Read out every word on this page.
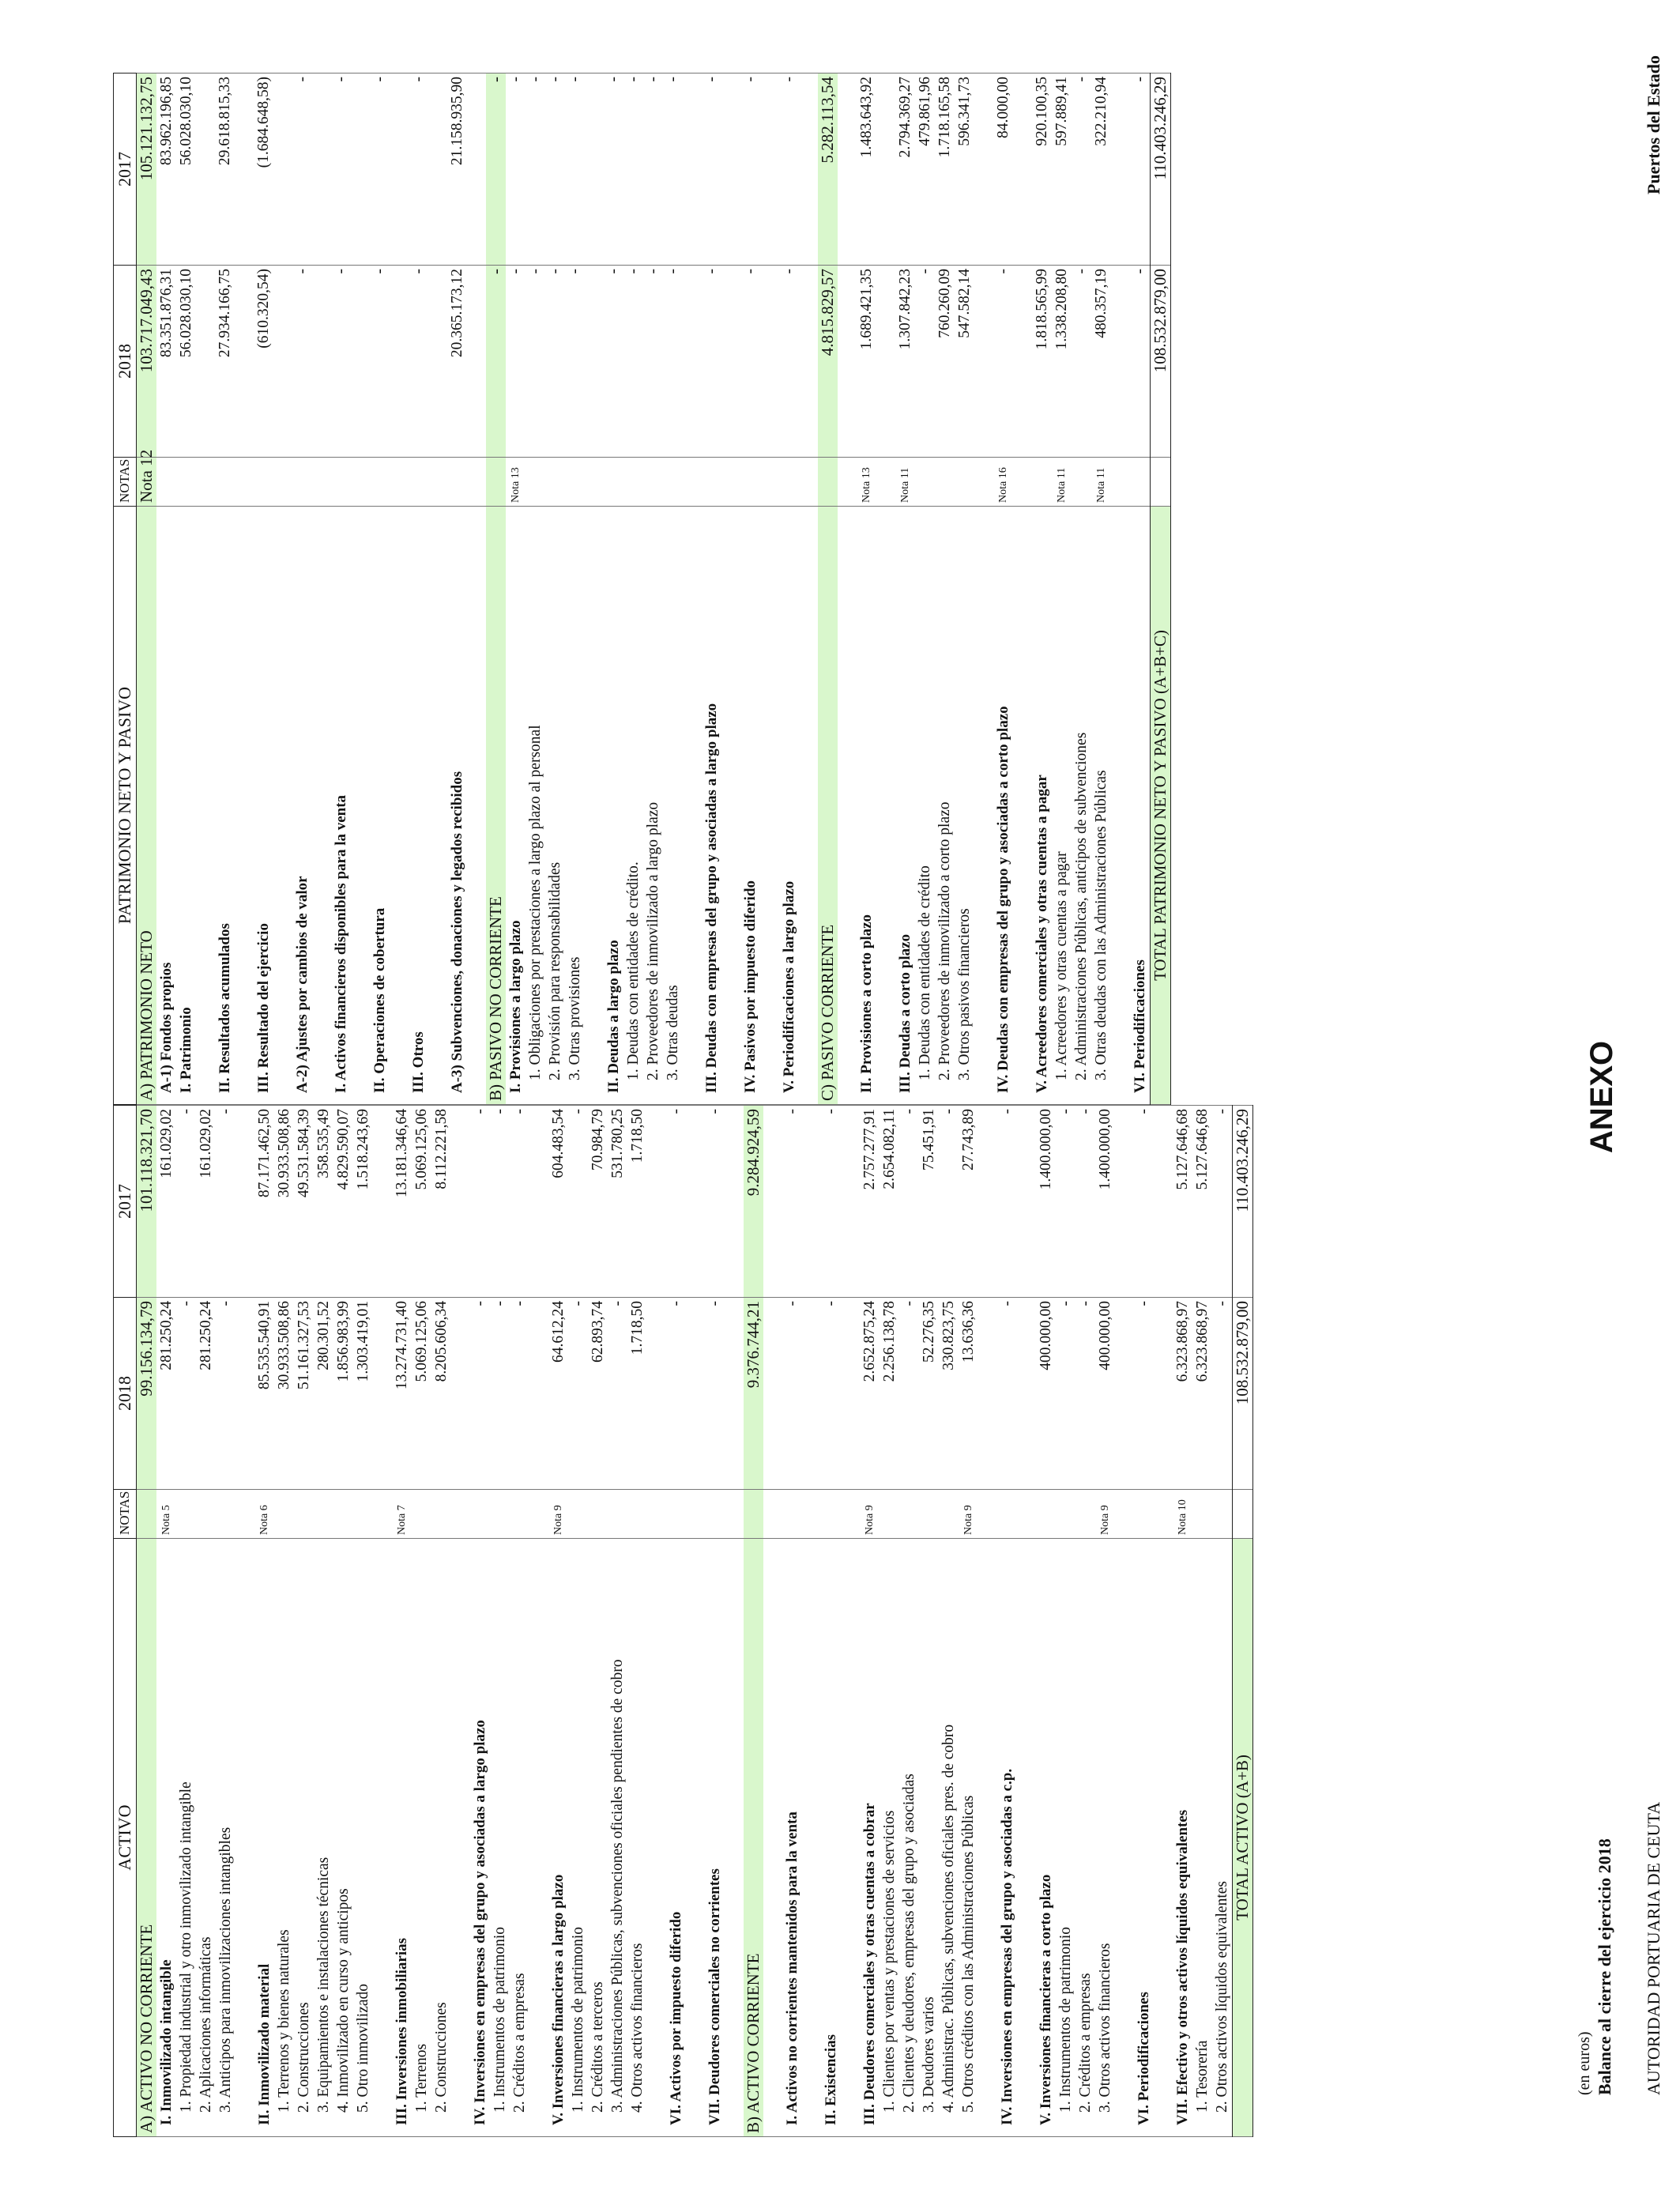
ANEXO
AUTORIDAD PORTUARIA DE CEUTA
Puertos del Estado
Balance al cierre del ejercicio 2018
(en euros)
ACTIVO	NOTAS	2018	2017
A) ACTIVO NO CORRIENTE		99.156.134,79	101.118.321,70
I. Inmovilizado intangible	Nota 5	281.250,24	161.029,02
1. Propiedad industrial y otro inmovilizado intangible		-	-
2. Aplicaciones informáticas		281.250,24	161.029,02
3. Anticipos para inmovilizaciones intangibles		-	-

II. Inmovilizado material	Nota 6	85.535.540,91	87.171.462,50
1. Terrenos y bienes naturales		30.933.508,86	30.933.508,86
2. Construcciones		51.161.327,53	49.531.584,39
3. Equipamientos e instalaciones técnicas		280.301,52	358.535,49
4. Inmovilizado en curso y anticipos		1.856.983,99	4.829.590,07
5. Otro inmovilizado		1.303.419,01	1.518.243,69

III. Inversiones inmobiliarias	Nota 7	13.274.731,40	13.181.346,64
1. Terrenos		5.069.125,06	5.069.125,06
2. Construcciones		8.205.606,34	8.112.221,58

IV. Inversiones en empresas del grupo y asociadas a largo plazo		-	-
1. Instrumentos de patrimonio		-	-
2. Créditos a empresas		-	-

V. Inversiones financieras a largo plazo	Nota 9	64.612,24	604.483,54
1. Instrumentos de patrimonio		-	-
2. Créditos a terceros		62.893,74	70.984,79
3. Administraciones Públicas, subvenciones oficiales pendientes de cobro		-	531.780,25
4. Otros activos financieros		1.718,50	1.718,50

VI. Activos por impuesto diferido		-	-

VII. Deudores comerciales no corrientes		-	-

B) ACTIVO CORRIENTE		9.376.744,21	9.284.924,59

I. Activos no corrientes mantenidos para la venta		-	-

II. Existencias		-	-

III. Deudores comerciales y otras cuentas a cobrar	Nota 9	2.652.875,24	2.757.277,91
1. Clientes por ventas y prestaciones de servicios		2.256.138,78	2.654.082,11
2. Clientes y deudores, empresas del grupo y asociadas		-	-
3. Deudores varios		52.276,35	75.451,91
4. Administrac. Públicas, subvenciones oficiales pres. de cobro		330.823,75	-
5. Otros créditos con las Administraciones Públicas	Nota 9	13.636,36	27.743,89

IV. Inversiones en empresas del grupo y asociadas a c.p.		-	-

V. Inversiones financieras a corto plazo		400.000,00	1.400.000,00
1. Instrumentos de patrimonio		-	-
2. Créditos a empresas		-	-
3. Otros activos financieros	Nota 9	400.000,00	1.400.000,00

VI. Periodificaciones		-	-

VII. Efectivo y otros activos líquidos equivalentes	Nota 10	6.323.868,97	5.127.646,68
1. Tesorería		6.323.868,97	5.127.646,68
2. Otros activos líquidos equivalentes		-	-
TOTAL ACTIVO (A+B)		108.532.879,00	110.403.246,29
PATRIMONIO NETO Y PASIVO	NOTAS	2018	2017
A) PATRIMONIO NETO	Nota 12	103.717.049,43	105.121.132,75
A-1) Fondos propios		83.351.876,31	83.962.196,85
I. Patrimonio		56.028.030,10	56.028.030,10

II. Resultados acumulados		27.934.166,75	29.618.815,33

III. Resultado del ejercicio		(610.320,54)	(1.684.648,58)

A-2) Ajustes por cambios de valor		-	-

I. Activos financieros disponibles para la venta		-	-

II. Operaciones de cobertura		-	-

III. Otros		-	-

A-3) Subvenciones, donaciones y legados recibidos		20.365.173,12	21.158.935,90

B) PASIVO NO CORRIENTE		-	-
I. Provisiones a largo plazo	Nota 13	-	-
1. Obligaciones por prestaciones a largo plazo al personal		-	-
2. Provisión para responsabilidades		-	-
3. Otras provisiones		-	-

II. Deudas a largo plazo		-	-
1. Deudas con entidades de crédito.		-	-
2. Proveedores de inmovilizado a largo plazo		-	-
3. Otras deudas		-	-

III. Deudas con empresas del grupo y asociadas a largo plazo		-	-

IV. Pasivos por impuesto diferido		-	-

V. Periodificaciones a largo plazo		-	-

C) PASIVO CORRIENTE		4.815.829,57	5.282.113,54

II. Provisiones a corto plazo	Nota 13	1.689.421,35	1.483.643,92

III. Deudas a corto plazo	Nota 11	1.307.842,23	2.794.369,27
1. Deudas con entidades de crédito		-	479.861,96
2. Proveedores de inmovilizado a corto plazo		760.260,09	1.718.165,58
3. Otros pasivos financieros		547.582,14	596.341,73

IV. Deudas con empresas del grupo y asociadas a corto plazo	Nota 16	-	84.000,00

V. Acreedores comerciales y otras cuentas a pagar		1.818.565,99	920.100,35
1. Acreedores y otras cuentas a pagar	Nota 11	1.338.208,80	597.889,41
2. Administraciones Públicas, anticipos de subvenciones		-	-
3. Otras deudas con las Administraciones Públicas	Nota 11	480.357,19	322.210,94

VI. Periodificaciones		-	-
TOTAL PATRIMONIO NETO Y PASIVO (A+B+C)		108.532.879,00	110.403.246,29
